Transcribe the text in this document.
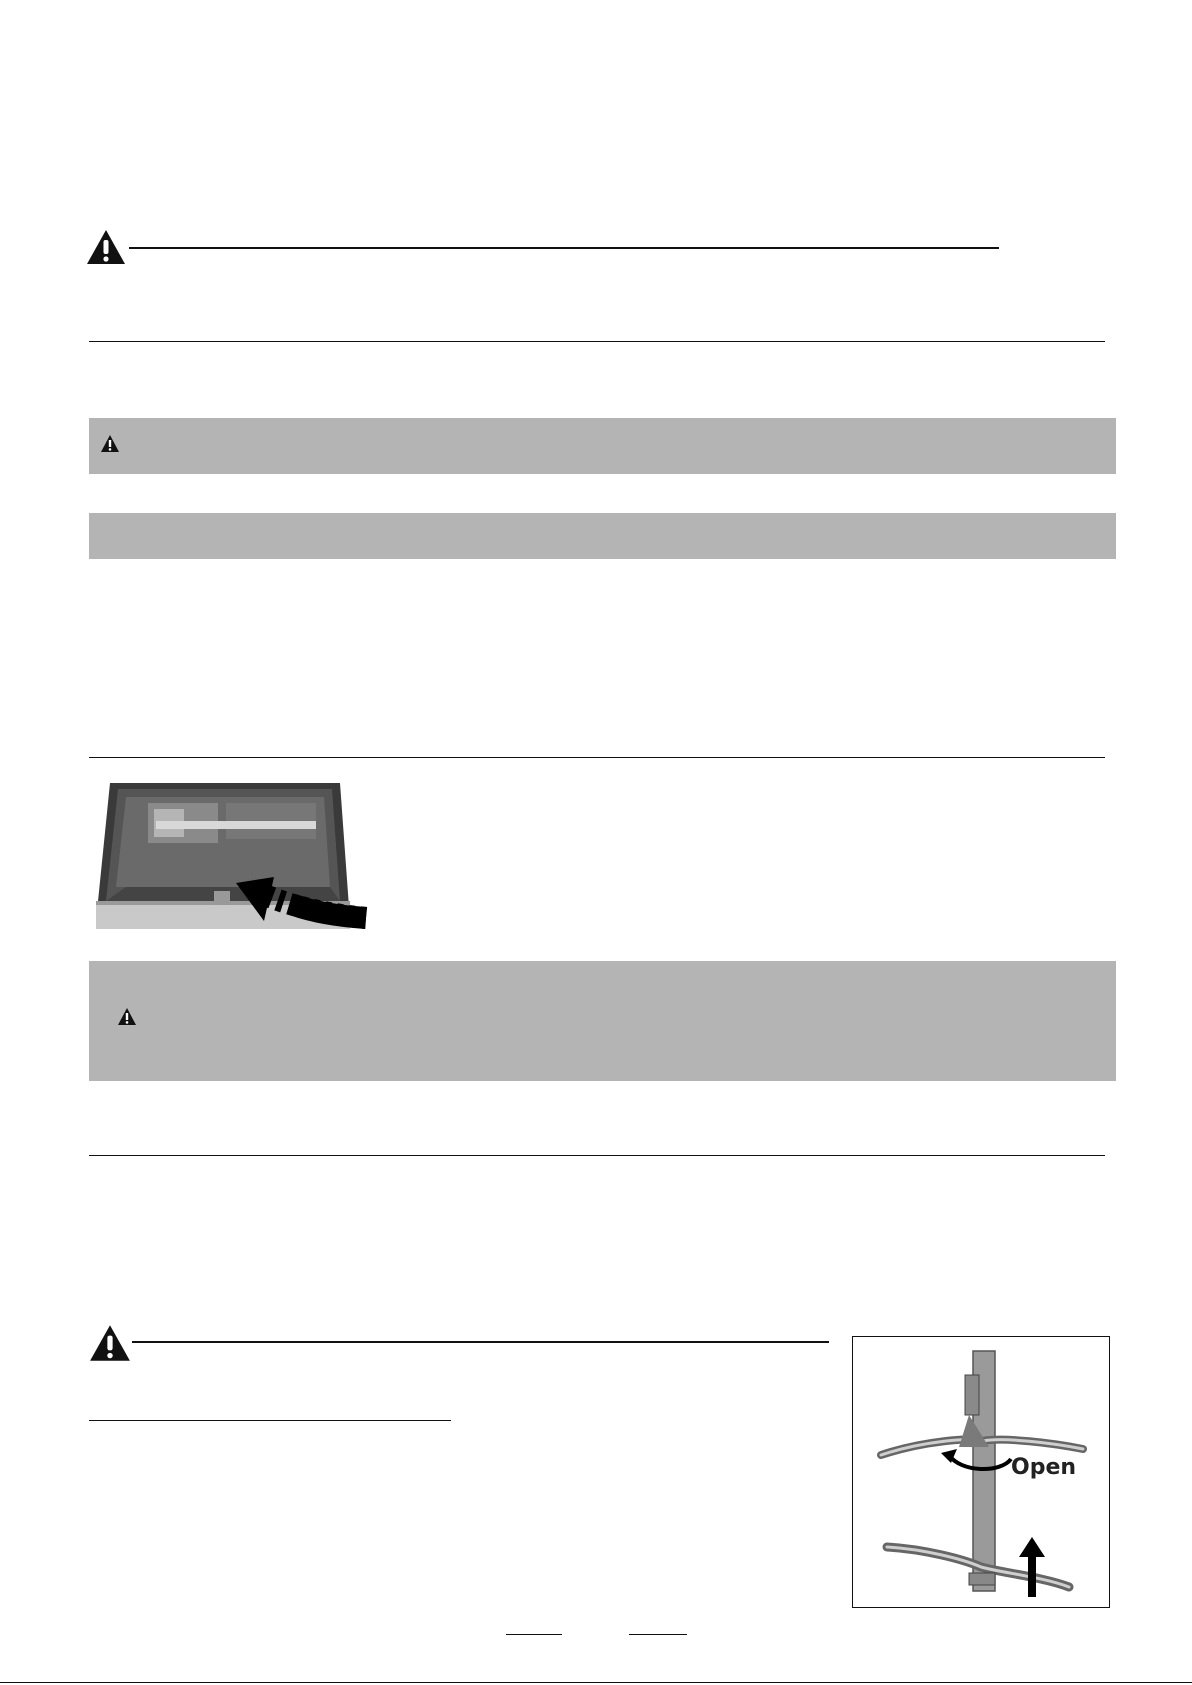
Open
